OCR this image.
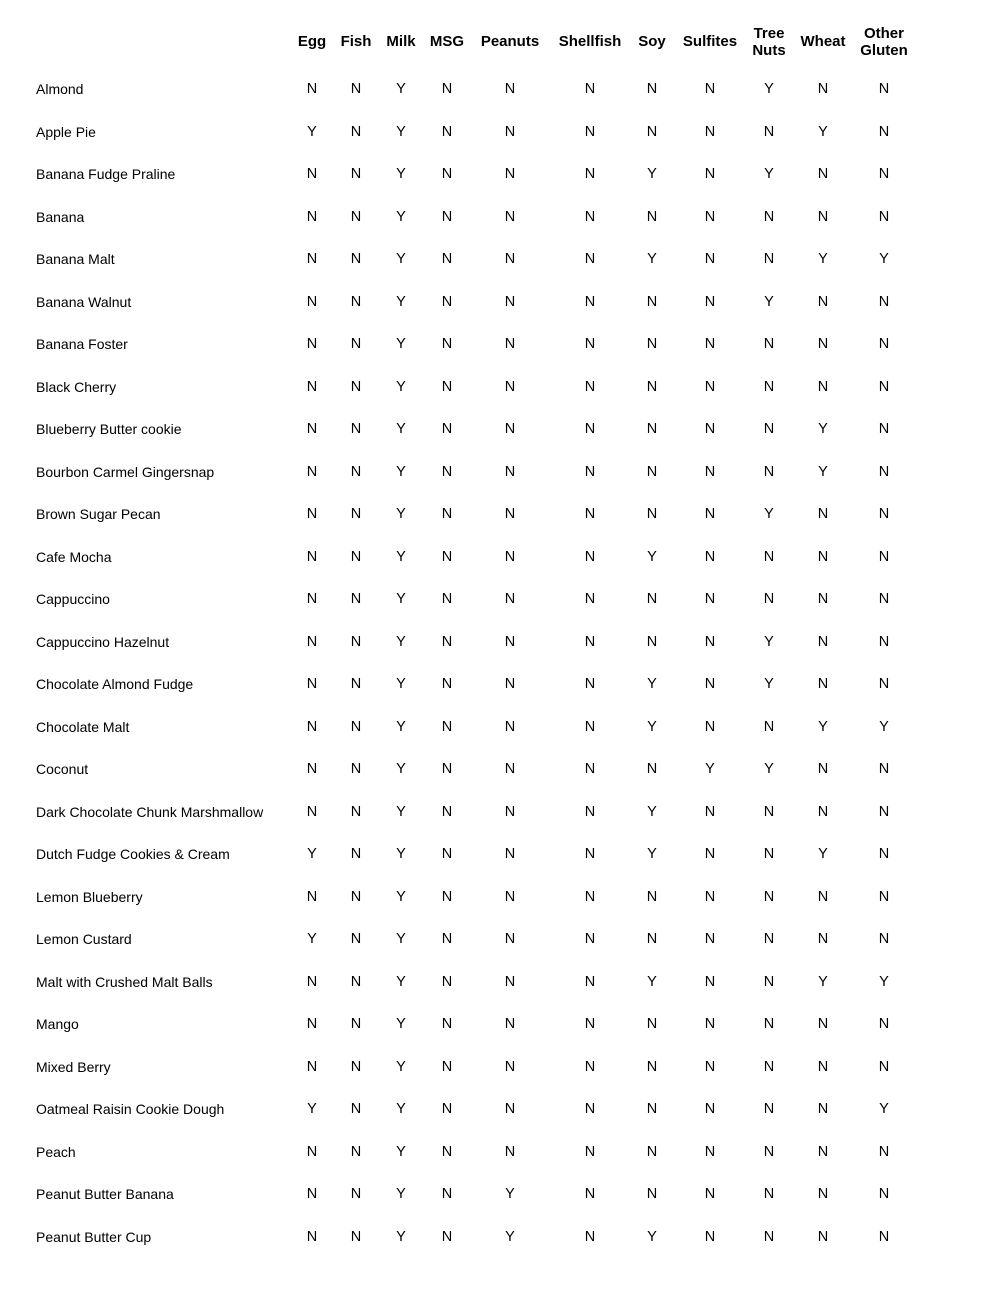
	Egg	Fish	Milk	MSG	Peanuts	Shellfish	Soy	Sulfites	Tree Nuts	Wheat	Other Gluten
Almond	N	N	Y	N	N	N	N	N	Y	N	N
Apple Pie	Y	N	Y	N	N	N	N	N	N	Y	N
Banana Fudge Praline	N	N	Y	N	N	N	Y	N	Y	N	N
Banana	N	N	Y	N	N	N	N	N	N	N	N
Banana Malt	N	N	Y	N	N	N	Y	N	N	Y	Y
Banana Walnut	N	N	Y	N	N	N	N	N	Y	N	N
Banana Foster	N	N	Y	N	N	N	N	N	N	N	N
Black Cherry	N	N	Y	N	N	N	N	N	N	N	N
Blueberry Butter cookie	N	N	Y	N	N	N	N	N	N	Y	N
Bourbon Carmel Gingersnap	N	N	Y	N	N	N	N	N	N	Y	N
Brown Sugar Pecan	N	N	Y	N	N	N	N	N	Y	N	N
Cafe Mocha	N	N	Y	N	N	N	Y	N	N	N	N
Cappuccino	N	N	Y	N	N	N	N	N	N	N	N
Cappuccino Hazelnut	N	N	Y	N	N	N	N	N	Y	N	N
Chocolate Almond Fudge	N	N	Y	N	N	N	Y	N	Y	N	N
Chocolate Malt	N	N	Y	N	N	N	Y	N	N	Y	Y
Coconut	N	N	Y	N	N	N	N	Y	Y	N	N
Dark Chocolate Chunk Marshmallow	N	N	Y	N	N	N	Y	N	N	N	N
Dutch Fudge Cookies & Cream	Y	N	Y	N	N	N	Y	N	N	Y	N
Lemon Blueberry	N	N	Y	N	N	N	N	N	N	N	N
Lemon Custard	Y	N	Y	N	N	N	N	N	N	N	N
Malt with Crushed Malt Balls	N	N	Y	N	N	N	Y	N	N	Y	Y
Mango	N	N	Y	N	N	N	N	N	N	N	N
Mixed Berry	N	N	Y	N	N	N	N	N	N	N	N
Oatmeal Raisin Cookie Dough	Y	N	Y	N	N	N	N	N	N	N	Y
Peach	N	N	Y	N	N	N	N	N	N	N	N
Peanut Butter Banana	N	N	Y	N	Y	N	N	N	N	N	N
Peanut Butter Cup	N	N	Y	N	Y	N	Y	N	N	N	N
